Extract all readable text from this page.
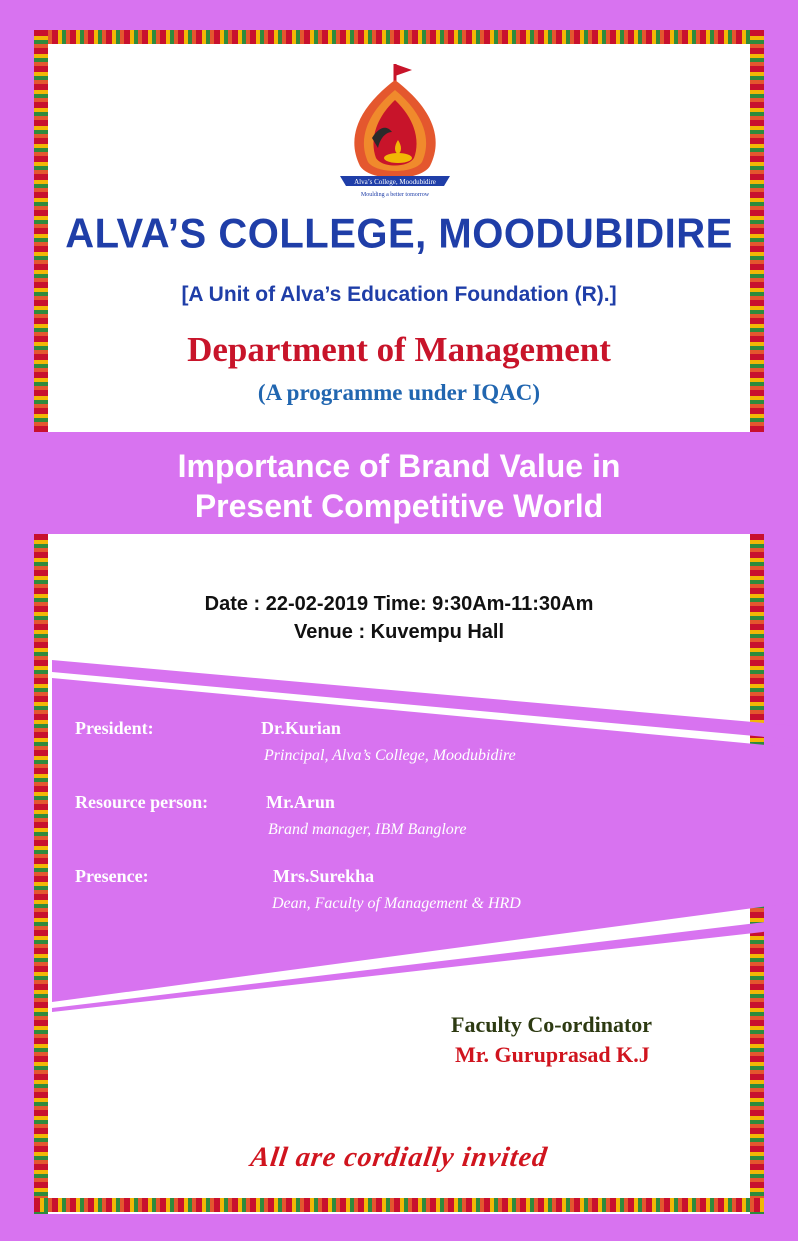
Alva’s College, Moodubidire
Moulding a better tomorrow
ALVA’S COLLEGE, MOODUBIDIRE
[A Unit of Alva’s Education Foundation (R).]
Department of Management
(A programme under IQAC)
Importance of Brand Value in
Present Competitive World
Date : 22-02-2019 Time: 9:30Am-11:30Am
Venue : Kuvempu Hall
President:	Dr.Kurian
Principal, Alva’s College, Moodubidire
Resource person:	Mr.Arun
Brand manager, IBM Banglore
Presence:	Mrs.Surekha
Dean, Faculty of Management & HRD
Faculty Co-ordinator
Mr. Guruprasad K.J
All are cordially invited
